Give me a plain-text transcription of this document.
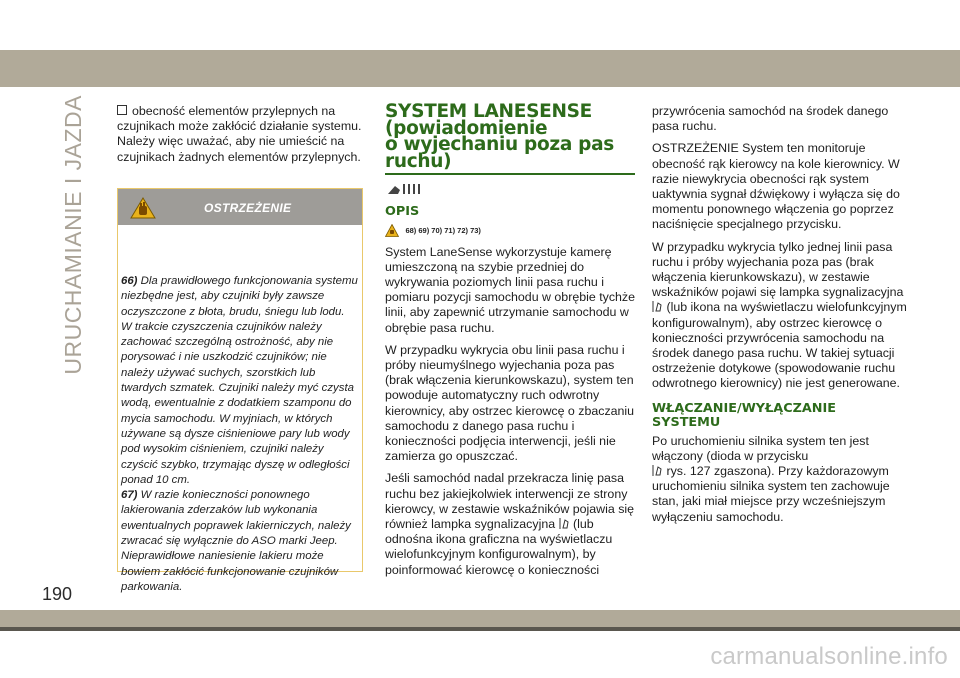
URUCHAMIANIE I JAZDA	obecność elementów przylepnych na czujnikach może zakłócić działanie systemu. Należy więc uważać, aby nie umieścić na czujnikach żadnych elementów przylepnych.

OSTRZEŻENIE
66) Dla prawidłowego funkcjonowania systemu niezbędne jest, aby czujniki były zawsze oczyszczone z błota, brudu, śniegu lub lodu. W trakcie czyszczenia czujników należy zachować szczególną ostrożność, aby nie porysować i nie uszkodzić czujników; nie należy używać suchych, szorstkich lub twardych szmatek. Czujniki należy myć czysta wodą, ewentualnie z dodatkiem szamponu do mycia samochodu. W myjniach, w których używane są dysze ciśnieniowe pary lub wody pod wysokim ciśnieniem, czujniki należy czyścić szybko, trzymając dyszę w odległości ponad 10 cm.
67) W razie konieczności ponownego lakierowania zderzaków lub wykonania ewentualnych poprawek lakierniczych, należy zwracać się wyłącznie do ASO marki Jeep. Nieprawidłowe naniesienie lakieru może bowiem zakłócić funkcjonowanie czujników parkowania.
SYSTEM LANESENSE
(powiadomienie
o wyjechaniu poza pas
ruchu)
OPIS
68) 69) 70) 71) 72) 73)

System LaneSense wykorzystuje kamerę umieszczoną na szybie przedniej do wykrywania poziomych linii pasa ruchu i pomiaru pozycji samochodu w obrębie tychże linii, aby zapewnić utrzymanie samochodu w obrębie pasa ruchu.

W przypadku wykrycia obu linii pasa ruchu i próby nieumyślnego wyjechania poza pas (brak włączenia kierunkowskazu), system ten powoduje automatyczny ruch odwrotny kierownicy, aby ostrzec kierowcę o zbaczaniu samochodu z danego pasa ruchu i konieczności podjęcia interwencji, jeśli nie zamierza go opuszczać.

Jeśli samochód nadal przekracza linię pasa ruchu bez jakiejkolwiek interwencji ze strony kierowcy, w zestawie wskaźników pojawia się również lampka sygnalizacyjna (lub odnośna ikona graficzna na wyświetlaczu wielofunkcyjnym konfigurowalnym), by poinformować kierowcę o konieczności

przywrócenia samochód na środek danego pasa ruchu.

OSTRZEŻENIE System ten monitoruje obecność rąk kierowcy na kole kierownicy. W razie niewykrycia obecności rąk system uaktywnia sygnał dźwiękowy i wyłącza się do momentu ponownego włączenia go poprzez naciśnięcie specjalnego przycisku.

W przypadku wykrycia tylko jednej linii pasa ruchu i próby wyjechania poza pas (brak włączenia kierunkowskazu), w zestawie wskaźników pojawi się lampka sygnalizacyjna  (lub ikona na wyświetlaczu wielofunkcyjnym konfigurowalnym), aby ostrzec kierowcę o konieczności przywrócenia samochodu na środek danego pasa ruchu. W takiej sytuacji ostrzeżenie dotykowe (spowodowanie ruchu odwrotnego kierownicy) nie jest generowane.

WŁĄCZANIE/WYŁĄCZANIE
SYSTEMU

Po uruchomieniu silnika system ten jest włączony (dioda w przycisku
rys. 127 zgaszona). Przy każdorazowym uruchomieniu silnika system ten zachowuje stan, jaki miał miejsce przy wcześniejszym wyłączeniu samochodu.

190
carmanualsonline.info
